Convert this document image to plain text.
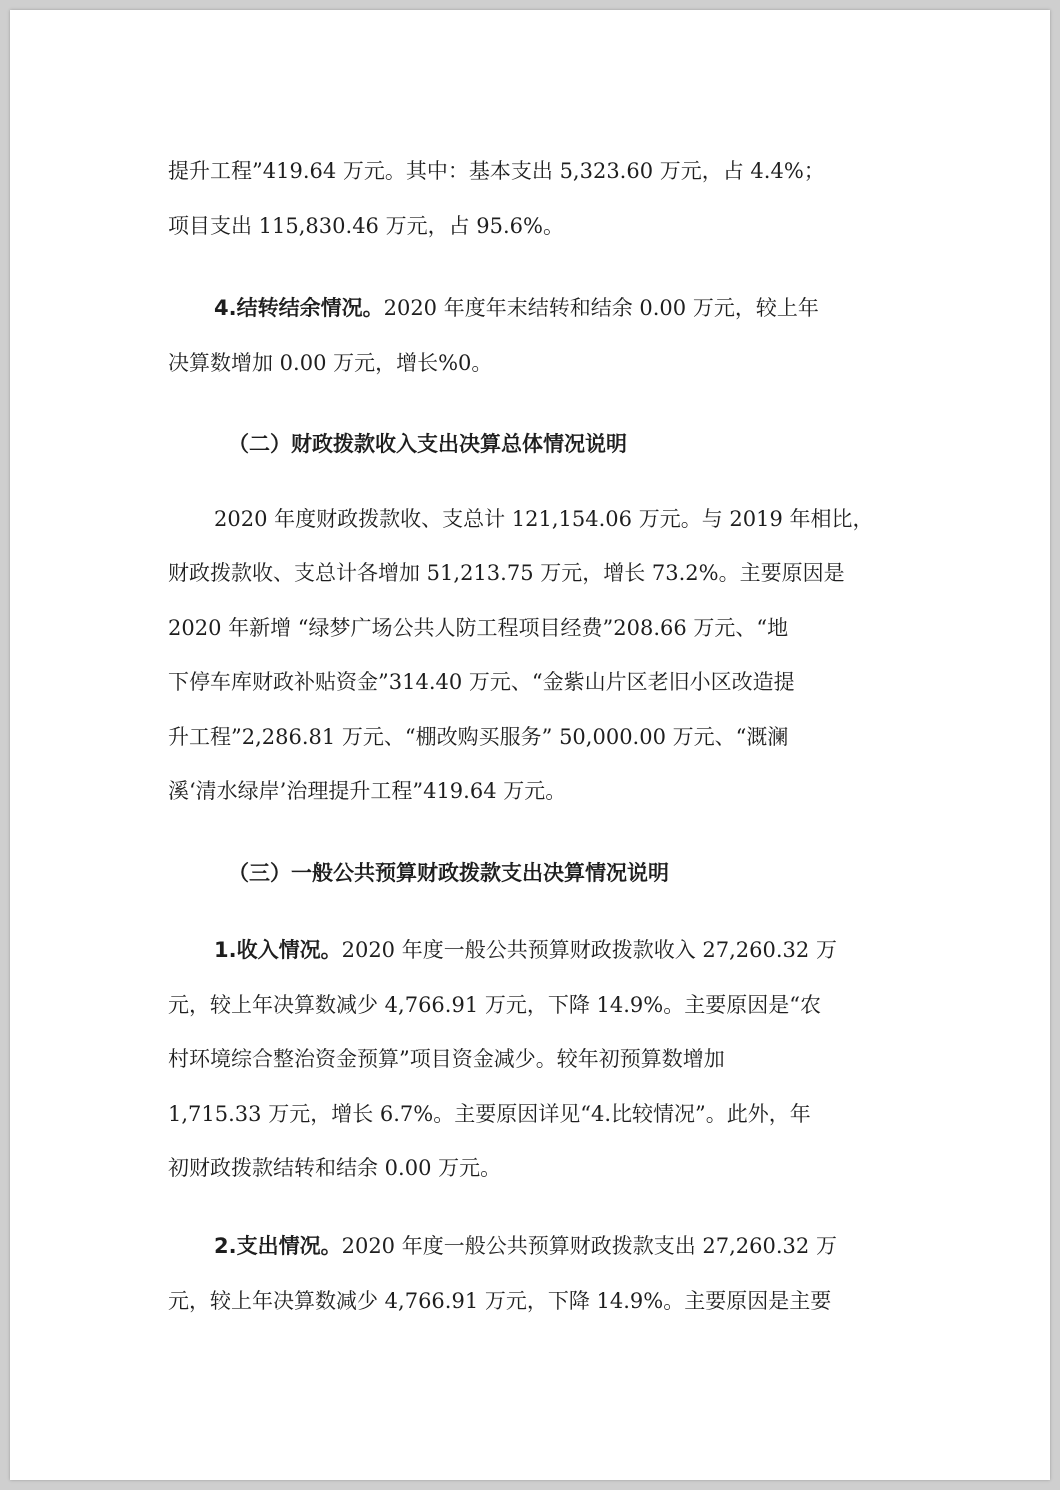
提升工程”419.64 万元。其中：基本支出 5,323.60 万元，占 4.4%；

项目支出 115,830.46 万元，占 95.6%。

4.结转结余情况。2020 年度年末结转和结余 0.00 万元，较上年

决算数增加 0.00 万元，增长%0。

（二）财政拨款收入支出决算总体情况说明

2020 年度财政拨款收、支总计 121,154.06 万元。与 2019 年相比，

财政拨款收、支总计各增加 51,213.75 万元，增长 73.2%。主要原因是

2020 年新增 “绿梦广场公共人防工程项目经费”208.66 万元、“地

下停车库财政补贴资金”314.40 万元、“金紫山片区老旧小区改造提

升工程”2,286.81 万元、“棚改购买服务” 50,000.00 万元、“溉澜

溪‘清水绿岸’治理提升工程”419.64 万元。

（三）一般公共预算财政拨款支出决算情况说明

1.收入情况。2020 年度一般公共预算财政拨款收入 27,260.32 万

元，较上年决算数减少 4,766.91 万元，下降 14.9%。主要原因是“农

村环境综合整治资金预算”项目资金减少。较年初预算数增加

1,715.33 万元，增长 6.7%。主要原因详见“4.比较情况”。此外，年

初财政拨款结转和结余 0.00 万元。

2.支出情况。2020 年度一般公共预算财政拨款支出 27,260.32 万

元，较上年决算数减少 4,766.91 万元，下降 14.9%。主要原因是主要
